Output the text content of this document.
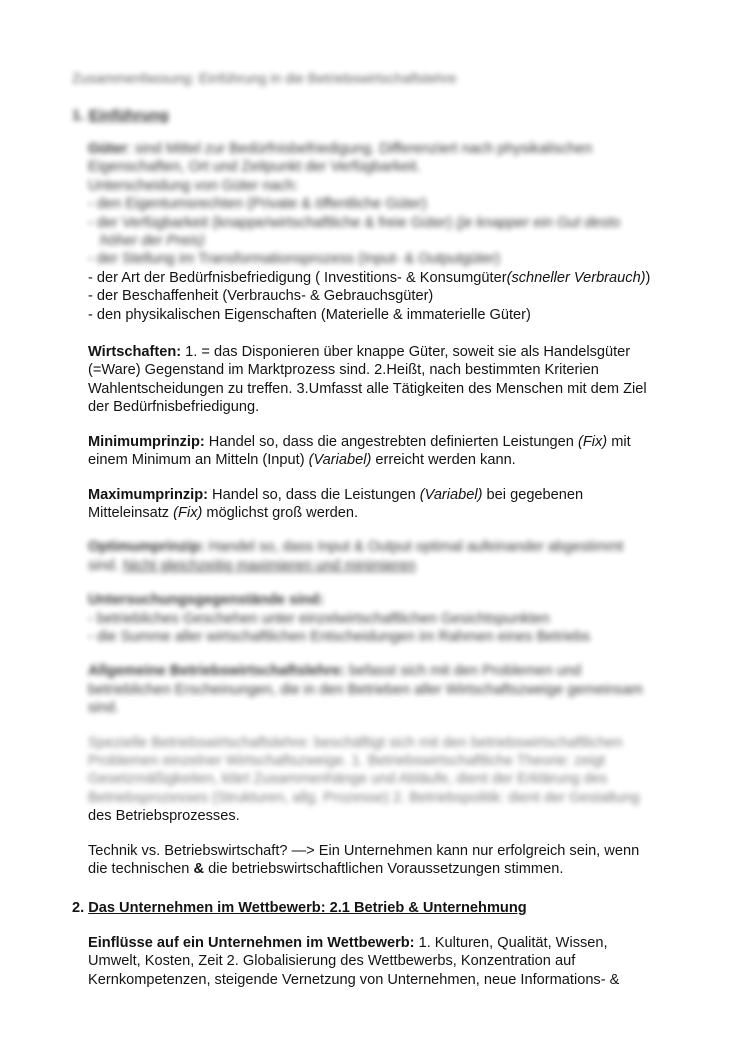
Zusammenfassung: Einführung in die Betriebswirtschaftslehre
1. Einführung

Güter: sind Mittel zur Bedürfnisbefriedigung. Differenziert nach physikalischen

Eigenschaften, Ort und Zeitpunkt der Verfügbarkeit.

Unterscheidung von Güter nach:

- den Eigentumsrechten (Private & öffentliche Güter)

- der Verfügbarkeit (knappe/wirtschaftliche & freie Güter) (je knapper ein Gut desto

höher der Preis)

- der Stellung im Transformationsprozess (Input- & Outputgüter)

- der Art der Bedürfnisbefriedigung ( Investitions- & Konsumgüter(schneller Verbrauch))

- der Beschaffenheit (Verbrauchs- & Gebrauchsgüter)

- den physikalischen Eigenschaften (Materielle & immaterielle Güter)

Wirtschaften: 1. = das Disponieren über knappe Güter, soweit sie als Handelsgüter

(=Ware) Gegenstand im Marktprozess sind. 2.Heißt, nach bestimmten Kriterien

Wahlentscheidungen zu treffen. 3.Umfasst alle Tätigkeiten des Menschen mit dem Ziel

der Bedürfnisbefriedigung.

Minimumprinzip: Handel so, dass die angestrebten definierten Leistungen (Fix) mit

einem Minimum an Mitteln (Input) (Variabel) erreicht werden kann.

Maximumprinzip: Handel so, dass die Leistungen (Variabel) bei gegebenen

Mitteleinsatz (Fix) möglichst groß werden.

Optimumprinzip: Handel so, dass Input & Output optimal aufeinander abgestimmt

sind. Nicht gleichzeitig maximieren und minimieren

Untersuchungsgegenstände sind:

- betriebliches Geschehen unter einzelwirtschaftlichen Gesichtspunkten

- die Summe aller wirtschaftlichen Entscheidungen im Rahmen eines Betriebs

Allgemeine Betriebswirtschaftslehre: befasst sich mit den Problemen und

betrieblichen Erscheinungen, die in den Betrieben aller Wirtschaftszweige gemeinsam

sind.

Spezielle Betriebswirtschaftslehre: beschäftigt sich mit den betriebswirtschaftlichen

Problemen einzelner Wirtschaftszweige. 1. Betriebswirtschaftliche Theorie: zeigt

Gesetzmäßigkeiten, klärt Zusammenhänge und Abläufe, dient der Erklärung des

Betriebsprozesses (Strukturen, allg. Prozesse) 2. Betriebspolitik: dient der Gestaltung

des Betriebsprozesses.

Technik vs. Betriebswirtschaft? —> Ein Unternehmen kann nur erfolgreich sein, wenn

die technischen & die betriebswirtschaftlichen Voraussetzungen stimmen.

2. Das Unternehmen im Wettbewerb: 2.1 Betrieb & Unternehmung

Einflüsse auf ein Unternehmen im Wettbewerb: 1. Kulturen, Qualität, Wissen,

Umwelt, Kosten, Zeit 2. Globalisierung des Wettbewerbs, Konzentration auf

Kernkompetenzen, steigende Vernetzung von Unternehmen, neue Informations- &
